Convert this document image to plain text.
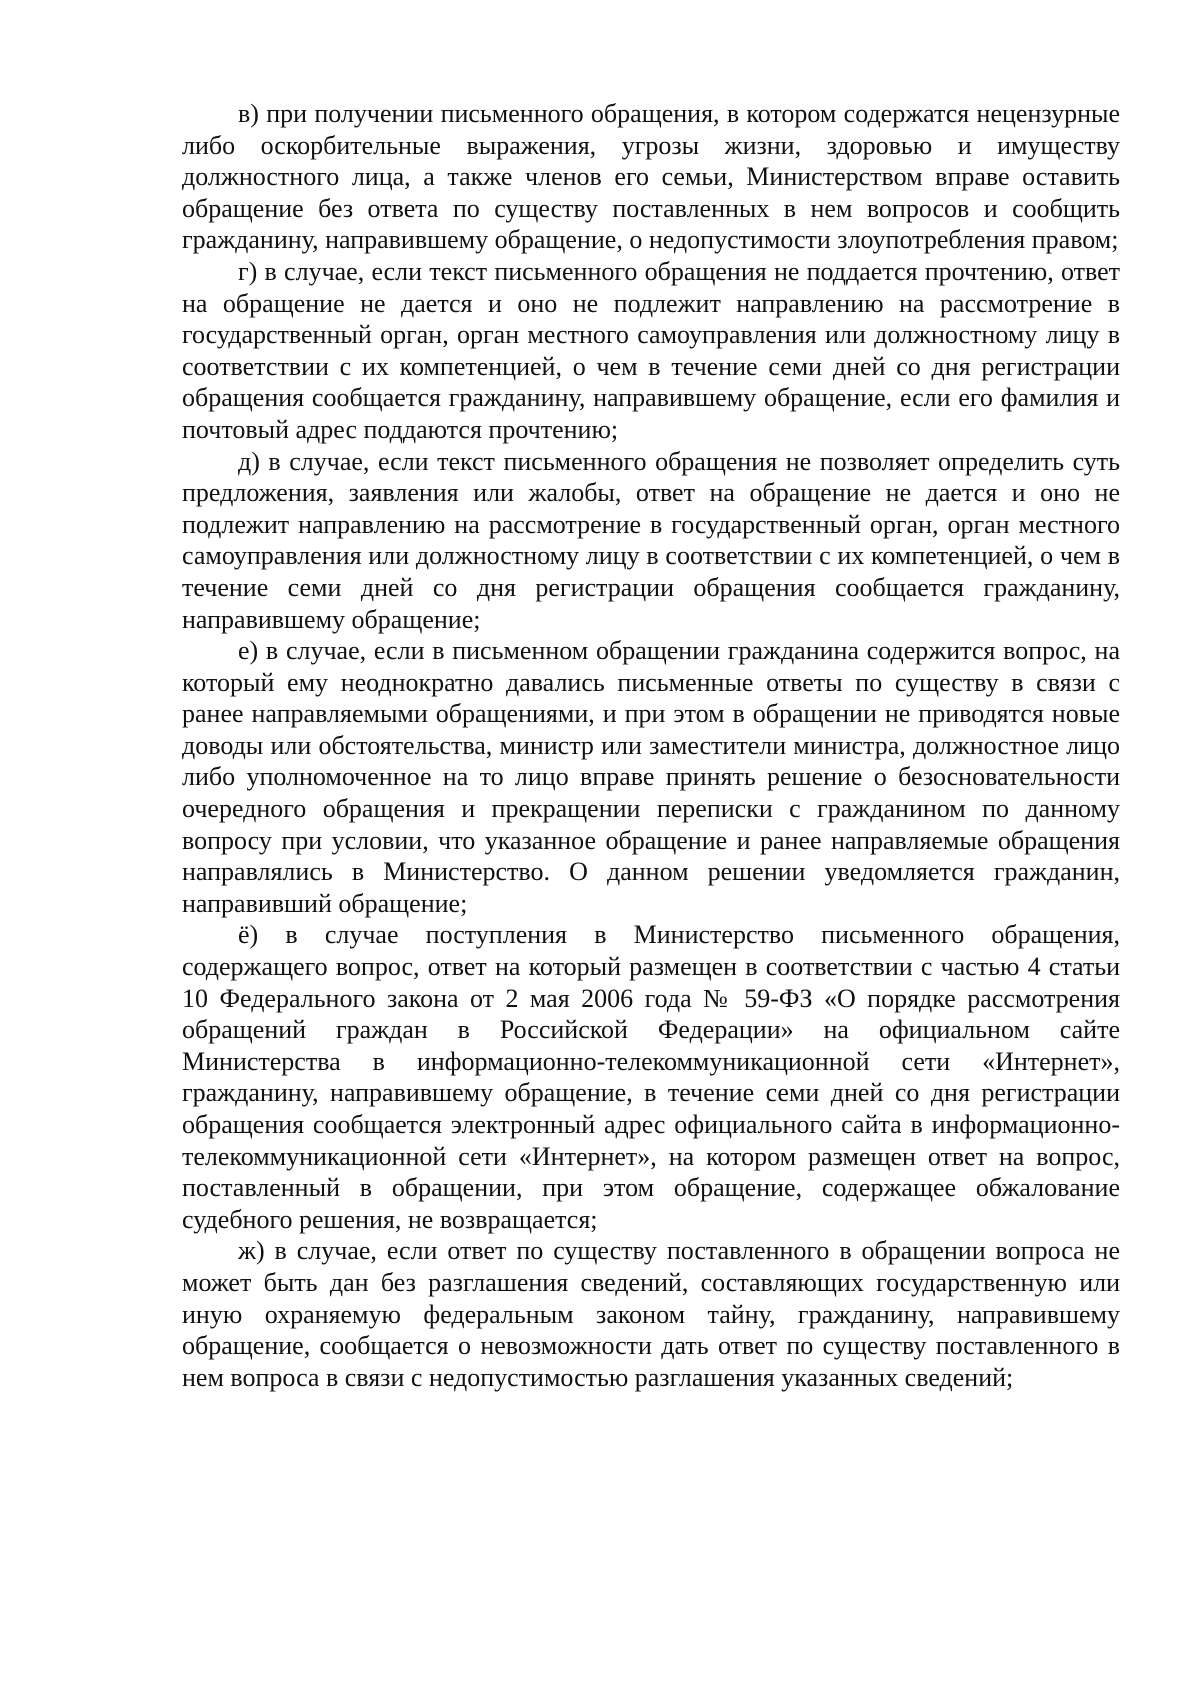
в) при получении письменного обращения, в котором содержатся нецензурные либо оскорбительные выражения, угрозы жизни, здоровью и имуществу должностного лица, а также членов его семьи, Министерством вправе оставить обращение без ответа по существу поставленных в нем вопросов и сообщить гражданину, направившему обращение, о недопустимости злоупотребления правом;

г) в случае, если текст письменного обращения не поддается прочтению, ответ на обращение не дается и оно не подлежит направлению на рассмотрение в государственный орган, орган местного самоуправления или должностному лицу в соответствии с их компетенцией, о чем в течение семи дней со дня регистрации обращения сообщается гражданину, направившему обращение, если его фамилия и почтовый адрес поддаются прочтению;

д) в случае, если текст письменного обращения не позволяет определить суть предложения, заявления или жалобы, ответ на обращение не дается и оно не подлежит направлению на рассмотрение в государственный орган, орган местного самоуправления или должностному лицу в соответствии с их компетенцией, о чем в течение семи дней со дня регистрации обращения сообщается гражданину, направившему обращение;

е) в случае, если в письменном обращении гражданина содержится вопрос, на который ему неоднократно давались письменные ответы по существу в связи с ранее направляемыми обращениями, и при этом в обращении не приводятся новые доводы или обстоятельства, министр или заместители министра, должностное лицо либо уполномоченное на то лицо вправе принять решение о безосновательности очередного обращения и прекращении переписки с гражданином по данному вопросу при условии, что указанное обращение и ранее направляемые обращения направлялись в Министерство. О данном решении уведомляется гражданин, направивший обращение;

ё) в случае поступления в Министерство письменного обращения, содержащего вопрос, ответ на который размещен в соответствии с частью 4 статьи 10 Федерального закона от 2 мая 2006 года № 59-ФЗ «О порядке рассмотрения обращений граждан в Российской Федерации» на официальном сайте Министерства в информационно-телекоммуникационной сети «Интернет», гражданину, направившему обращение, в течение семи дней со дня регистрации обращения сообщается электронный адрес официального сайта в информационно-телекоммуникационной сети «Интернет», на котором размещен ответ на вопрос, поставленный в обращении, при этом обращение, содержащее обжалование судебного решения, не возвращается;

ж) в случае, если ответ по существу поставленного в обращении вопроса не может быть дан без разглашения сведений, составляющих государственную или иную охраняемую федеральным законом тайну, гражданину, направившему обращение, сообщается о невозможности дать ответ по существу поставленного в нем вопроса в связи с недопустимостью разглашения указанных сведений;
